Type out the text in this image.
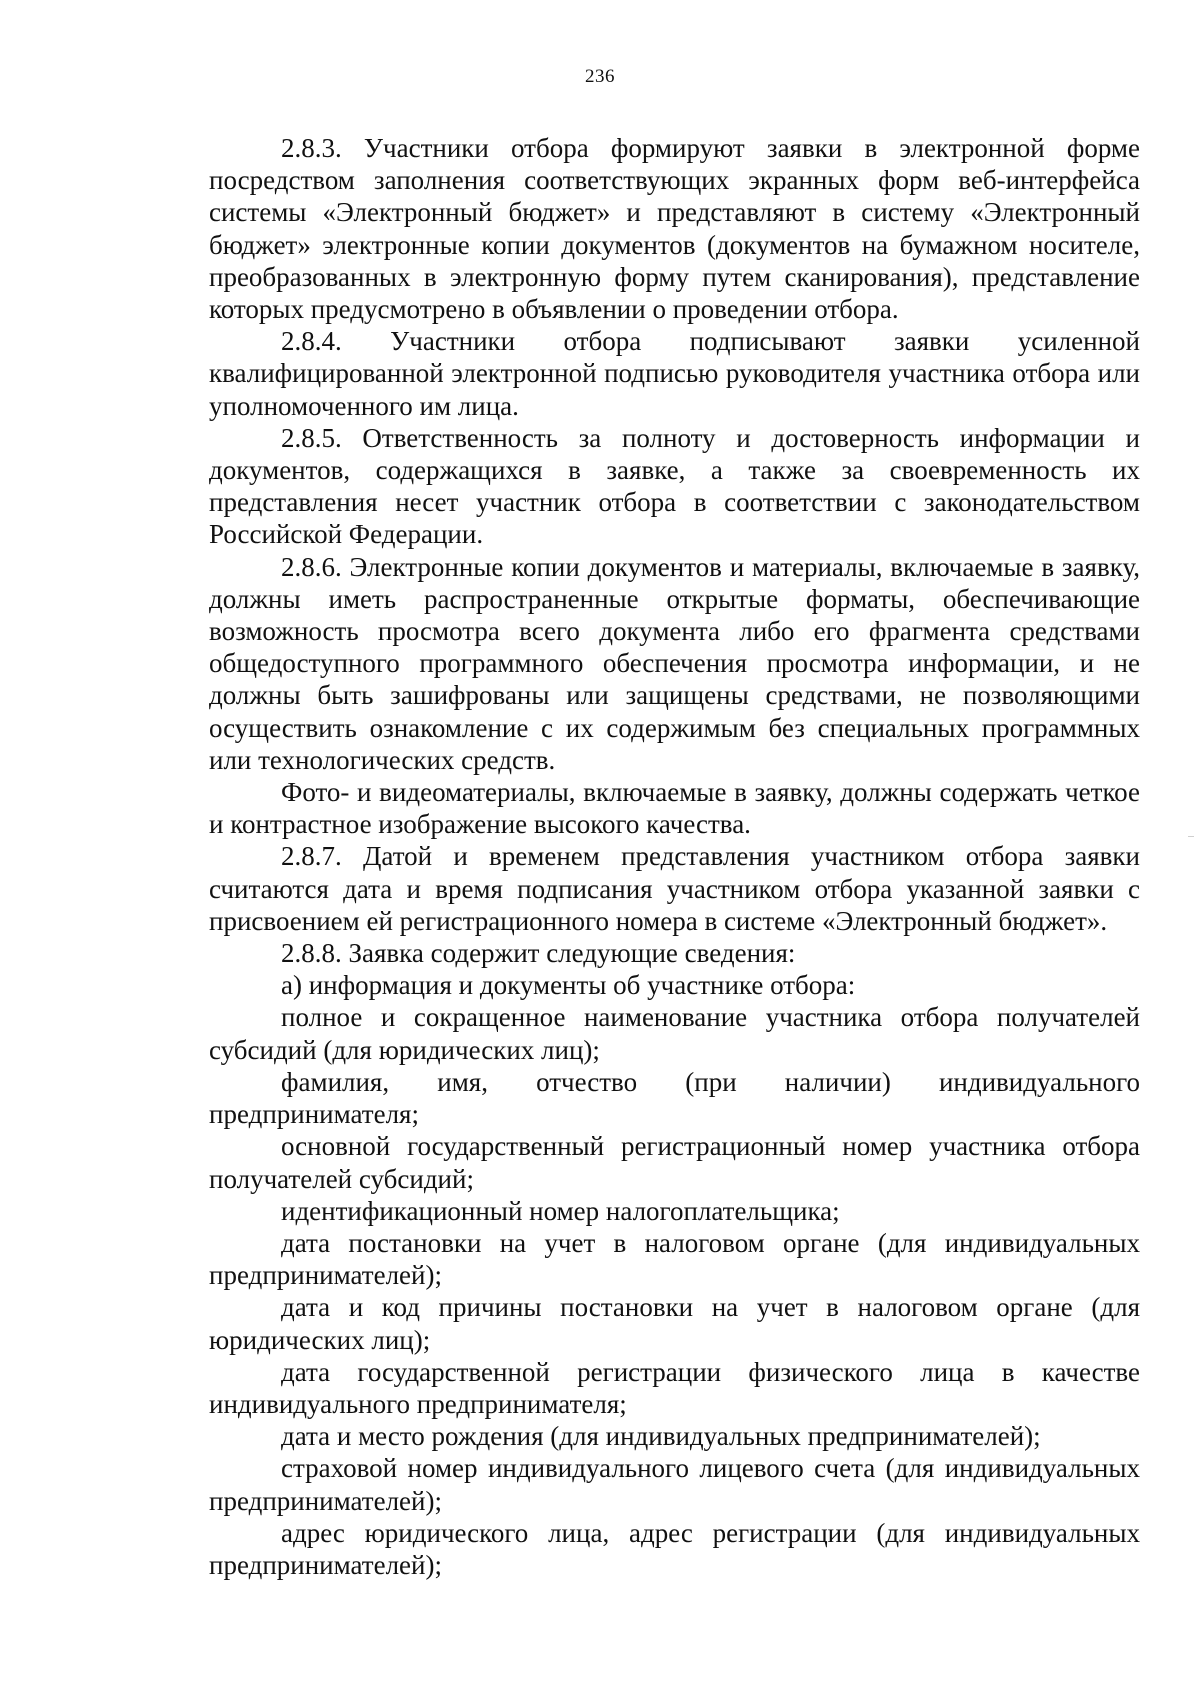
236

2.8.3. Участники отбора формируют заявки в электронной форме посредством заполнения соответствующих экранных форм веб-интерфейса системы «Электронный бюджет» и представляют в систему «Электронный бюджет» электронные копии документов (документов на бумажном носителе, преобразованных в электронную форму путем сканирования), представление которых предусмотрено в объявлении о проведении отбора.

2.8.4. Участники отбора подписывают заявки усиленной квалифицированной электронной подписью руководителя участника отбора или уполномоченного им лица.

2.8.5. Ответственность за полноту и достоверность информации и документов, содержащихся в заявке, а также за своевременность их представления несет участник отбора в соответствии с законодательством Российской Федерации.

2.8.6. Электронные копии документов и материалы, включаемые в заявку, должны иметь распространенные открытые форматы, обеспечивающие возможность просмотра всего документа либо его фрагмента средствами общедоступного программного обеспечения просмотра информации, и не должны быть зашифрованы или защищены средствами, не позволяющими осуществить ознакомление с их содержимым без специальных программных или технологических средств.

Фото- и видеоматериалы, включаемые в заявку, должны содержать четкое и контрастное изображение высокого качества.

2.8.7. Датой и временем представления участником отбора заявки считаются дата и время подписания участником отбора указанной заявки с присвоением ей регистрационного номера в системе «Электронный бюджет».

2.8.8. Заявка содержит следующие сведения:

а) информация и документы об участнике отбора:

полное и сокращенное наименование участника отбора получателей субсидий (для юридических лиц);

фамилия, имя, отчество (при наличии) индивидуального предпринимателя;

основной государственный регистрационный номер участника отбора получателей субсидий;

идентификационный номер налогоплательщика;

дата постановки на учет в налоговом органе (для индивидуальных предпринимателей);

дата и код причины постановки на учет в налоговом органе (для юридических лиц);

дата государственной регистрации физического лица в качестве индивидуального предпринимателя;

дата и место рождения (для индивидуальных предпринимателей);

страховой номер индивидуального лицевого счета (для индивидуальных предпринимателей);

адрес юридического лица, адрес регистрации (для индивидуальных предпринимателей);
